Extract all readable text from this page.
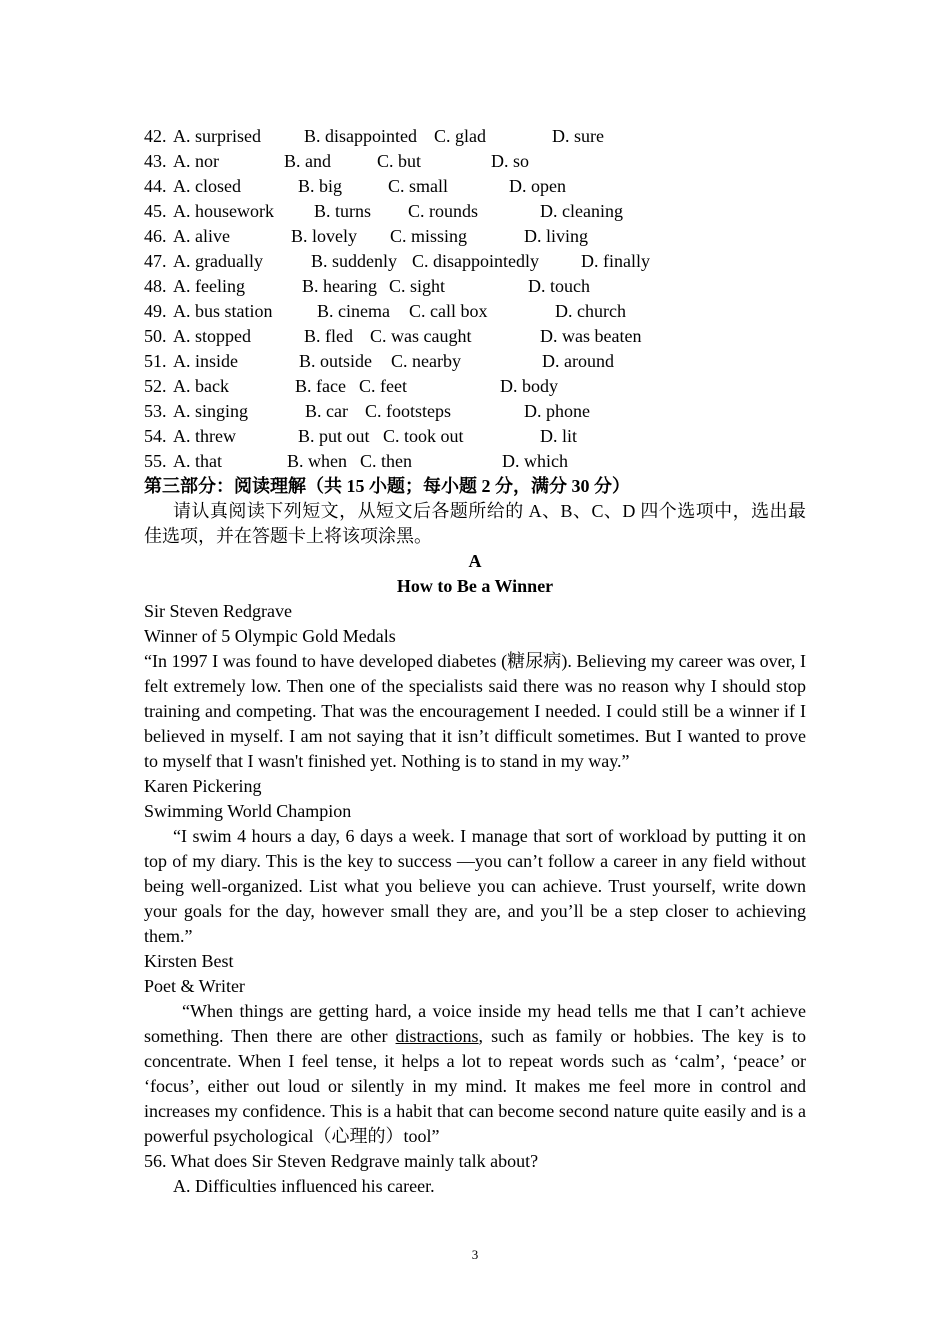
42. A. surprised B. disappointed C. glad	D. sure
43. A. nor	B. and	C. but	D. so
44. A. closed	B. big	C. small	D. open
45. A. housework B. turns C. rounds	D. cleaning
46. A. alive	B. lovely C. missing	D. living
47. A. gradually	B. suddenly C. disappointedly D. finally
48. A. feeling	B. hearing C. sight	D. touch
49. A. bus station B. cinema C. call box	D. church
50. A. stopped	B. fled C. was caught	D. was beaten
51. A. inside	B. outside C. nearby	D. around
52. A. back	B. face C. feet	D. body
53. A. singing	B. car C. footsteps	D. phone
54. A. threw	B. put out C. took out	D. lit
55. A. that	B. when C. then	D. which

第三部分：阅读理解（共 15 小题；每小题 2 分，满分 30 分）

请认真阅读下列短文，从短文后各题所给的 A、B、C、D 四个选项中，选出最佳选项，并在答题卡上将该项涂黑。

A

How to Be a Winner

Sir Steven Redgrave

Winner of 5 Olympic Gold Medals

“In 1997 I was found to have developed diabetes (糖尿病). Believing my career was over, I felt extremely low. Then one of the specialists said there was no reason why I should stop training and competing. That was the encouragement I needed. I could still be a winner if I believed in myself. I am not saying that it isn’t difficult sometimes. But I wanted to prove to myself that I wasn't finished yet. Nothing is to stand in my way.”

Karen Pickering

Swimming World Champion

“I swim 4 hours a day, 6 days a week. I manage that sort of workload by putting it on top of my diary. This is the key to success —you can’t follow a career in any field without being well-organized. List what you believe you can achieve. Trust yourself, write down your goals for the day, however small they are, and you’ll be a step closer to achieving them.”

Kirsten Best

Poet & Writer

“When things are getting hard, a voice inside my head tells me that I can’t achieve something. Then there are other distractions, such as family or hobbies. The key is to concentrate. When I feel tense, it helps a lot to repeat words such as ‘calm’, ‘peace’ or ‘focus’, either out loud or silently in my mind. It makes me feel more in control and increases my confidence. This is a habit that can become second nature quite easily and is a powerful psychological（心理的）tool”

56. What does Sir Steven Redgrave mainly talk about?

A. Difficulties influenced his career.

3
